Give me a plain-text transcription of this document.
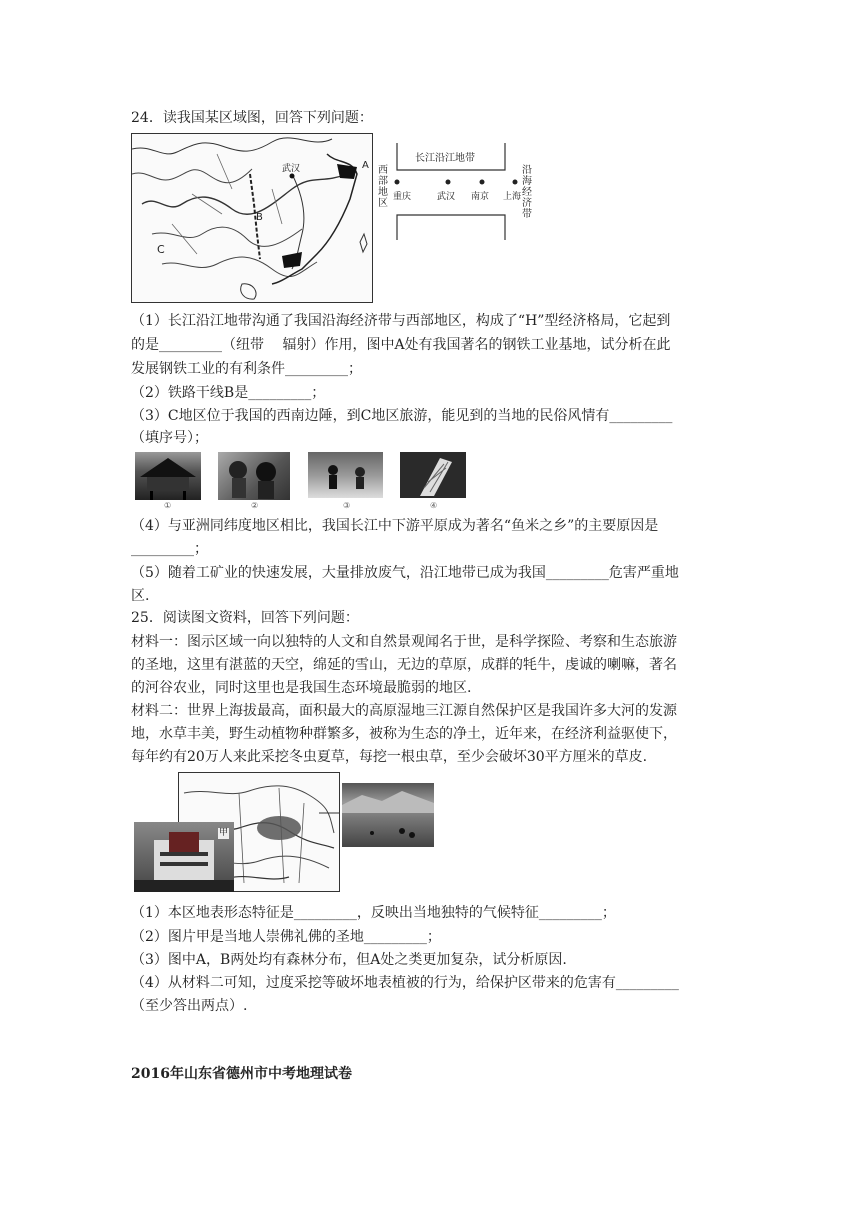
24．读我国某区域图，回答下列问题：
A
B
C
武汉
长江沿江地带
西部地区
沿海经济带
重庆	武汉 南京 上海
（1）长江沿江地带沟通了我国沿海经济带与西部地区，构成了“H”型经济格局，它起到
的是_________（纽带　 辐射）作用，图中A处有我国著名的钢铁工业基地，试分析在此
发展钢铁工业的有利条件_________；
（2）铁路干线B是_________；
（3）C地区位于我国的西南边陲，到C地区旅游，能见到的当地的民俗风情有_________
（填序号）；
①	②	③	④
（4）与亚洲同纬度地区相比，我国长江中下游平原成为著名“鱼米之乡”的主要原因是
_________；
（5）随着工矿业的快速发展，大量排放废气，沿江地带已成为我国_________危害严重地
区.
25．阅读图文资料，回答下列问题：
材料一：图示区域一向以独特的人文和自然景观闻名于世，是科学探险、考察和生态旅游
的圣地，这里有湛蓝的天空，绵延的雪山，无边的草原，成群的牦牛，虔诚的喇嘛，著名
的河谷农业，同时这里也是我国生态环境最脆弱的地区.
材料二：世界上海拔最高，面积最大的高原湿地三江源自然保护区是我国许多大河的发源
地，水草丰美，野生动植物种群繁多，被称为生态的净土，近年来，在经济利益驱使下，
每年约有20万人来此采挖冬虫夏草，每挖一根虫草，至少会破坏30平方厘米的草皮.
甲
（1）本区地表形态特征是_________，反映出当地独特的气候特征_________；
（2）图片甲是当地人崇佛礼佛的圣地_________；
（3）图中A，B两处均有森林分布，但A处之类更加复杂，试分析原因.
（4）从材料二可知，过度采挖等破坏地表植被的行为，给保护区带来的危害有_________
（至少答出两点）.
2016年山东省德州市中考地理试卷
